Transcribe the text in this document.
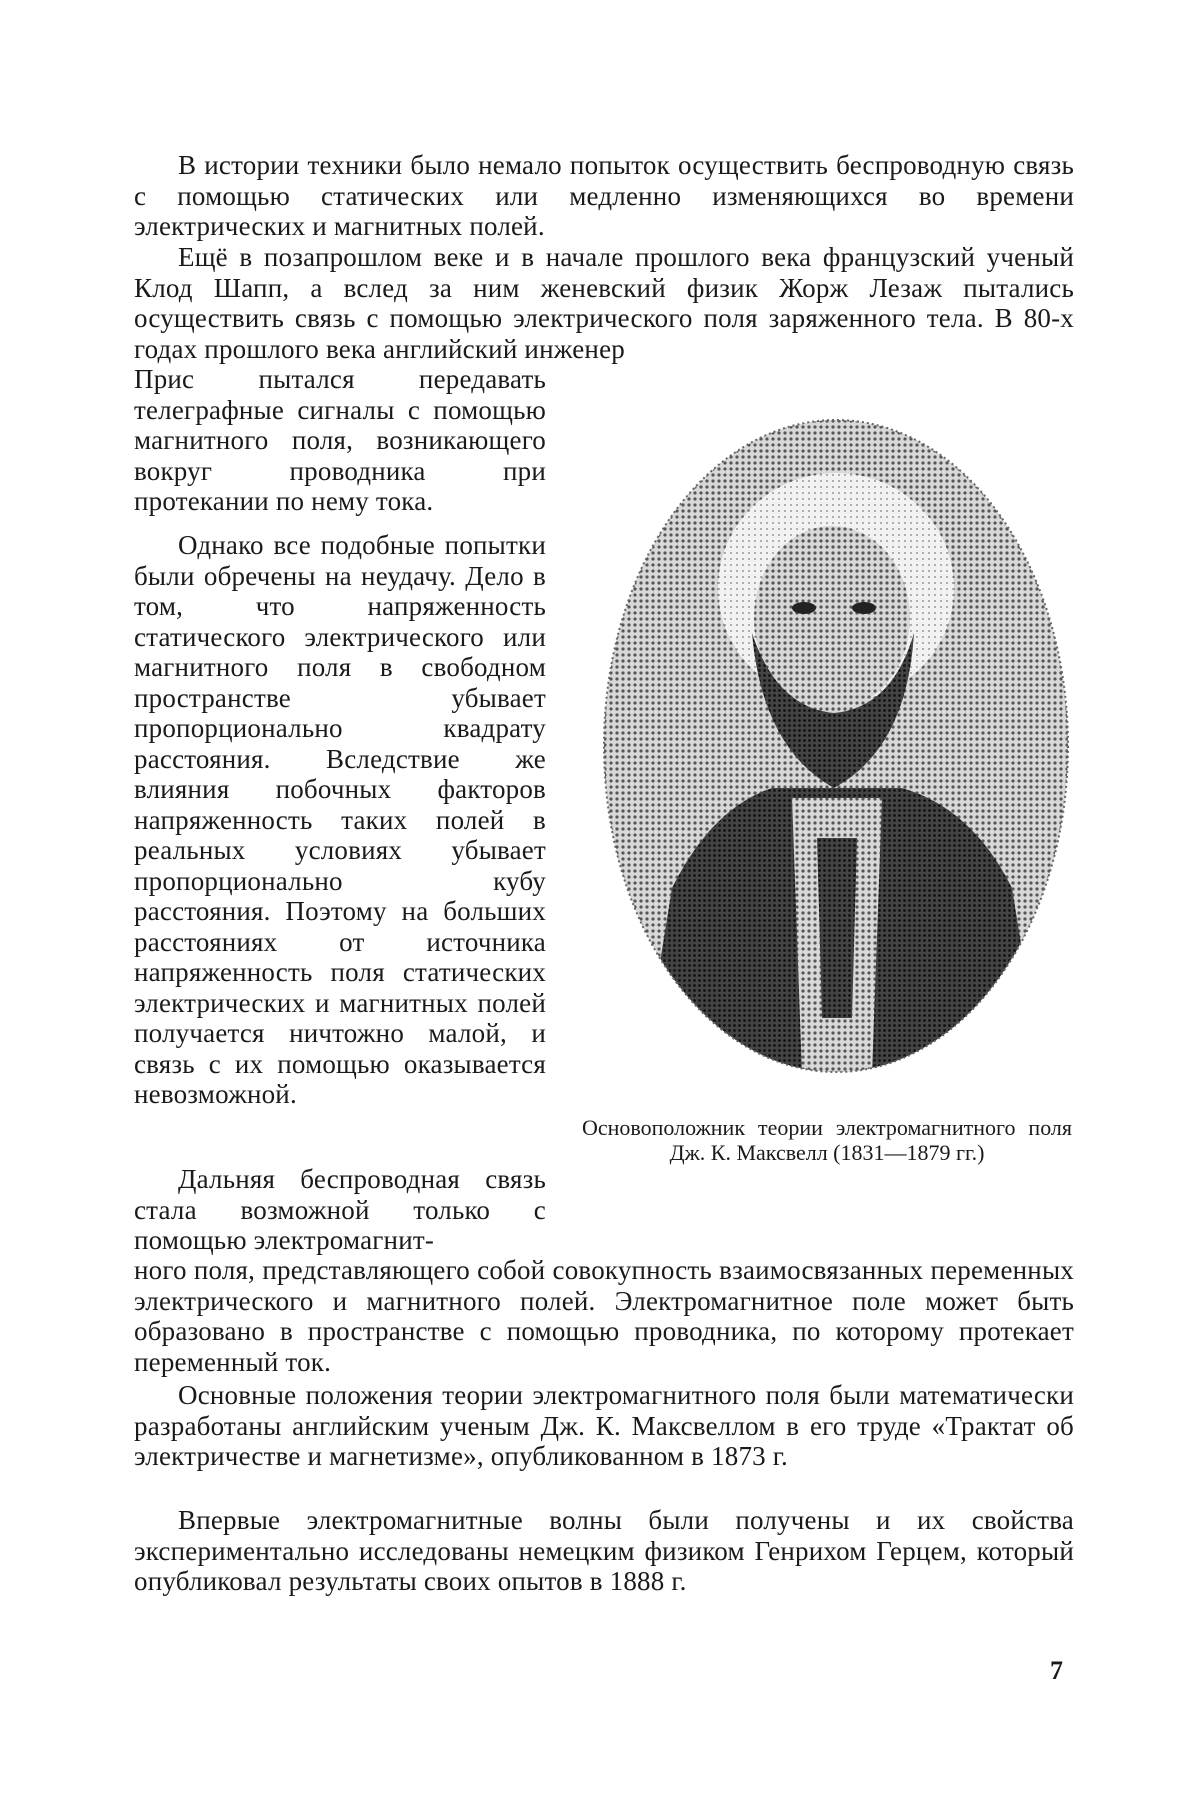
В истории техники было немало попыток осуществить беспроводную связь с помощью статических или медленно изменяющихся во времени электрических и магнитных полей.
Ещё в позапрошлом веке и в начале прошлого века французский ученый Клод Шапп, а вслед за ним женевский физик Жорж Лезаж пытались осуществить связь с помощью электрического поля заряженного тела. В 80-х годах прошлого века английский инженер
Прис пытался передавать телеграфные сигналы с помощью магнитного поля, возникающего вокруг проводника при протекании по нему тока.
Однако все подобные попытки были обречены на неудачу. Дело в том, что напряженность статического электрического или магнитного поля в свободном пространстве убывает пропорционально квадрату расстояния. Вследствие же влияния побочных факторов напряженность таких полей в реальных условиях убывает пропорционально кубу расстояния. Поэтому на больших расстояниях от источника напряженность поля статических электрических и магнитных полей получается ничтожно малой, и связь с их помощью оказывается невозможной.
Дальняя беспроводная связь стала возможной только с помощью электромагнит-
ного поля, представляющего собой совокупность взаимосвязанных переменных электрического и магнитного полей. Электромагнитное поле может быть образовано в пространстве с помощью проводника, по которому протекает переменный ток.
Основные положения теории электромагнитного поля были математически разработаны английским ученым Дж. К. Максвеллом в его труде «Трактат об электричестве и магнетизме», опубликованном в 1873 г.
Впервые электромагнитные волны были получены и их свойства экспериментально исследованы немецким физиком Генрихом Герцем, который опубликовал результаты своих опытов в 1888 г.
Основоположник теории электромагнитного поля Дж. К. Максвелл (1831—1879 гг.)
7
